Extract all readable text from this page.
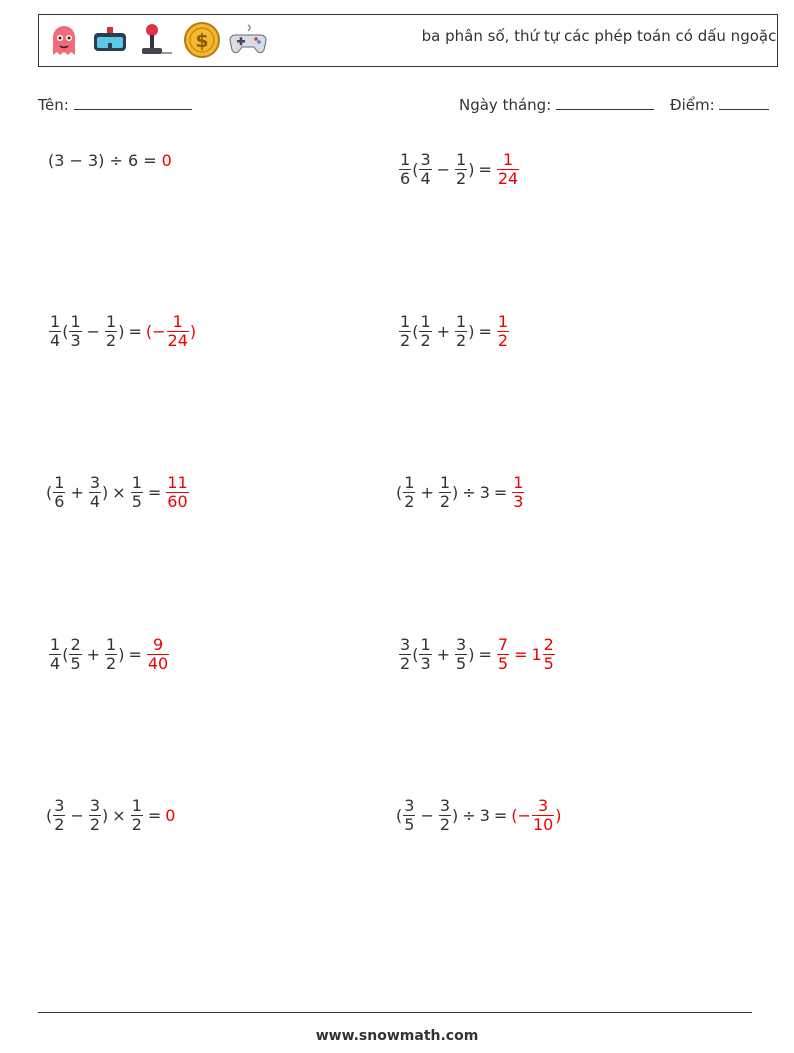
$	ba phân số, thứ tự các phép toán có dấu ngoặc
Tên:	Ngày tháng:	Điểm:
(3 − 3) ÷ 6 = 0	$\frac{1}{6}$ ( $\frac{3}{4} - \frac{1}{2}$ ) = $\frac{1}{24}$
$\frac{1}{4}$ ( $\frac{1}{3} - \frac{1}{2}$ ) = (− $\frac{1}{24}$ )	$\frac{1}{2}$ ( $\frac{1}{2} + \frac{1}{2}$ ) = $\frac{1}{2}$
( $\frac{1}{6} + \frac{3}{4}$ ) × $\frac{1}{5} = \frac{11}{60}$	( $\frac{1}{2} + \frac{1}{2}$ ) ÷ $3 = \frac{1}{3}$
$\frac{1}{4}$ ( $\frac{2}{5} + \frac{1}{2}$ ) = $\frac{9}{40}$	$\frac{3}{2}$ ( $\frac{1}{3} + \frac{3}{5}$ ) = $\frac{7}{5} = 1 \frac{2}{5}$
( $\frac{3}{2} - \frac{3}{2}$ ) × $\frac{1}{2} = 0$	( $\frac{3}{5} - \frac{3}{2}$ ) ÷ 3 = (− $\frac{3}{10}$ )
www.snowmath.com
